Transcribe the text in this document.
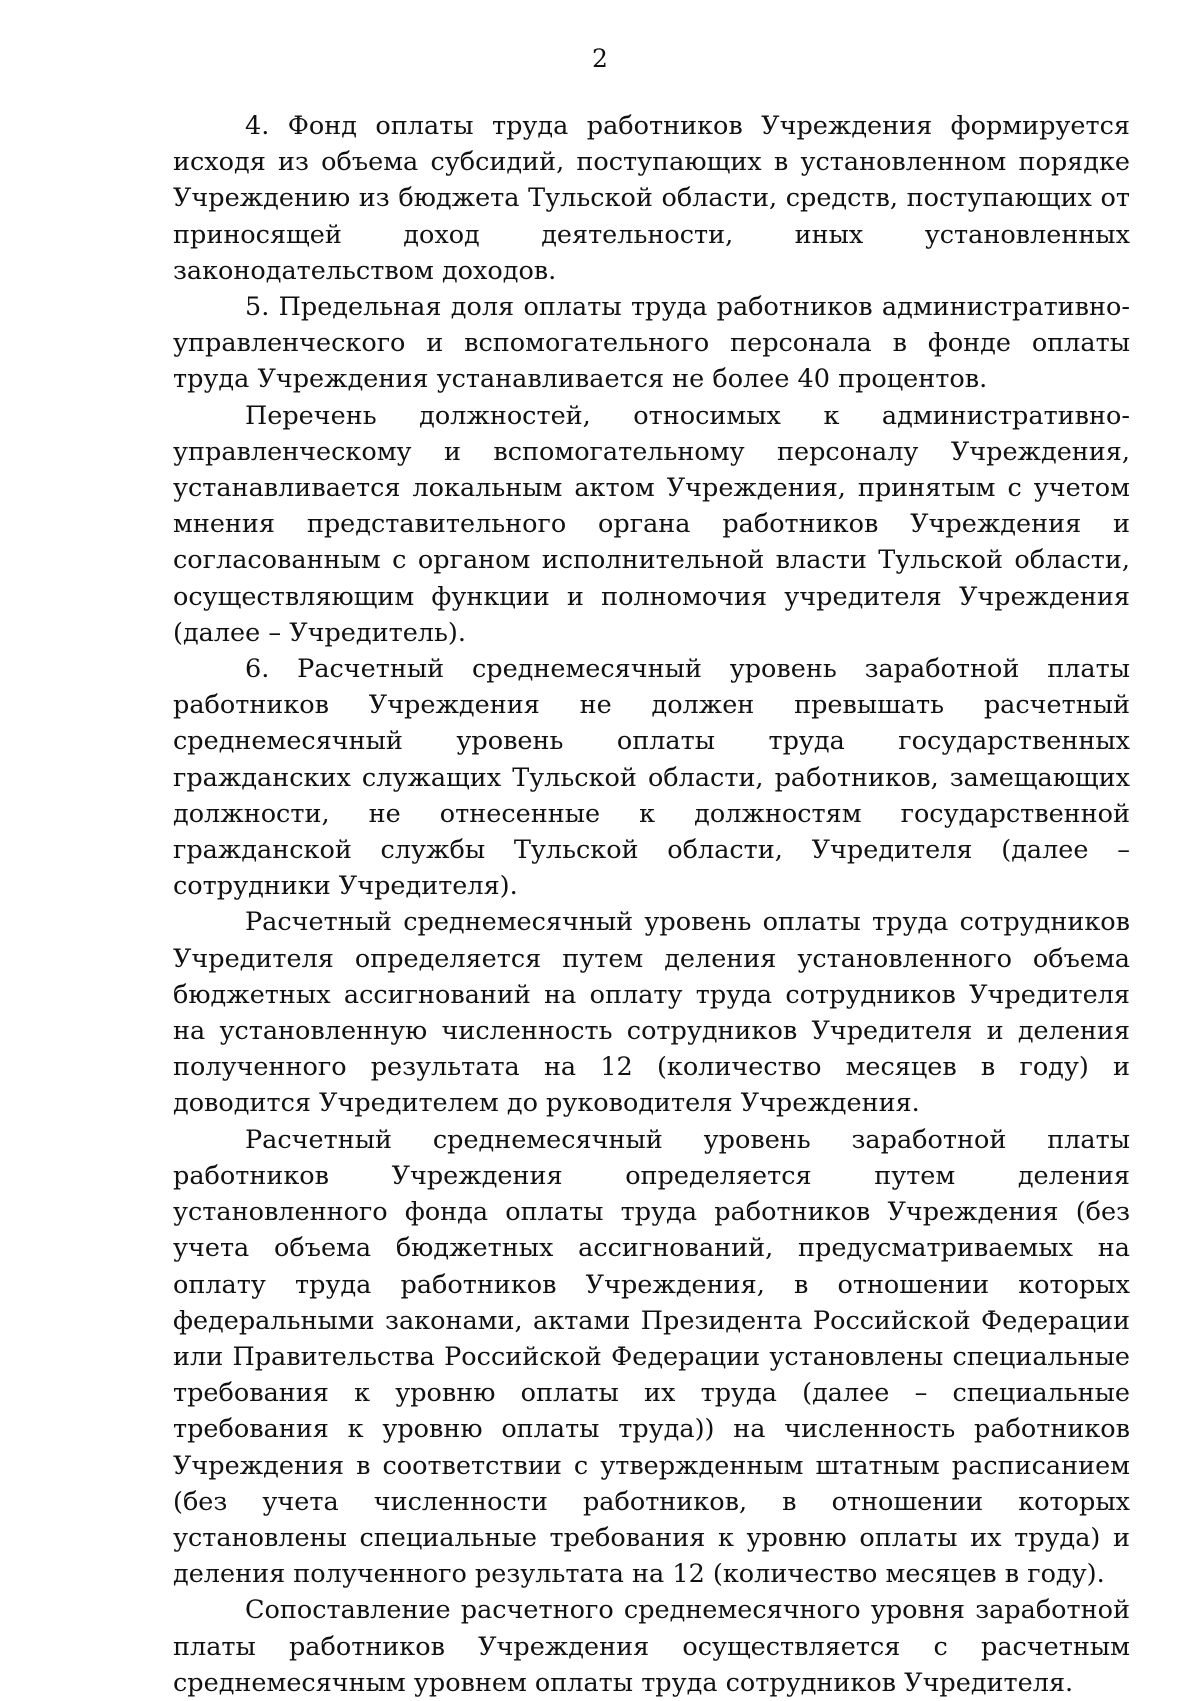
2

4. Фонд оплаты труда работников Учреждения формируется исходя из объема субсидий, поступающих в установленном порядке Учреждению из бюджета Тульской области, средств, поступающих от приносящей доход деятельности, иных установленных законодательством доходов.

5. Предельная доля оплаты труда работников административно-управленческого и вспомогательного персонала в фонде оплаты труда Учреждения устанавливается не более 40 процентов.

Перечень должностей, относимых к административно-управленческому и вспомогательному персоналу Учреждения, устанавливается локальным актом Учреждения, принятым с учетом мнения представительного органа работников Учреждения и согласованным с органом исполнительной власти Тульской области, осуществляющим функции и полномочия учредителя Учреждения (далее – Учредитель).

6. Расчетный среднемесячный уровень заработной платы работников Учреждения не должен превышать расчетный среднемесячный уровень оплаты труда государственных гражданских служащих Тульской области, работников, замещающих должности, не отнесенные к должностям государственной гражданской службы Тульской области, Учредителя (далее – сотрудники Учредителя).

Расчетный среднемесячный уровень оплаты труда сотрудников Учредителя определяется путем деления установленного объема бюджетных ассигнований на оплату труда сотрудников Учредителя на установленную численность сотрудников Учредителя и деления полученного результата на 12 (количество месяцев в году) и доводится Учредителем до руководителя Учреждения.

Расчетный среднемесячный уровень заработной платы работников Учреждения определяется путем деления установленного фонда оплаты труда работников Учреждения (без учета объема бюджетных ассигнований, предусматриваемых на оплату труда работников Учреждения, в отношении которых федеральными законами, актами Президента Российской Федерации или Правительства Российской Федерации установлены специальные требования к уровню оплаты их труда (далее – специальные требования к уровню оплаты труда)) на численность работников Учреждения в соответствии с утвержденным штатным расписанием (без учета численности работников, в отношении которых установлены специальные требования к уровню оплаты их труда) и деления полученного результата на 12 (количество месяцев в году).

Сопоставление расчетного среднемесячного уровня заработной платы работников Учреждения осуществляется с расчетным среднемесячным уровнем оплаты труда сотрудников Учредителя.
